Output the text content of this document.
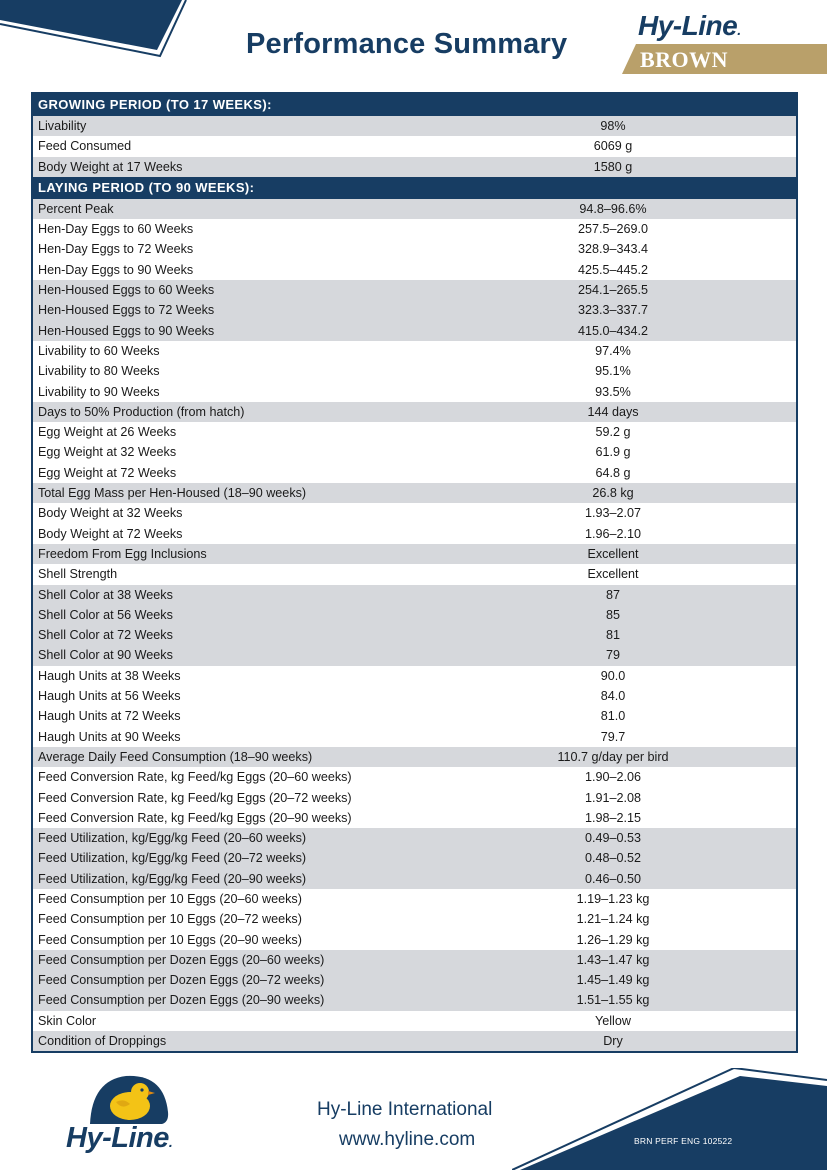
Performance Summary
Hy-Line.
BROWN
GROWING PERIOD (TO 17 WEEKS):
Livability	98%
Feed Consumed	6069 g
Body Weight at 17 Weeks	1580 g
LAYING PERIOD (TO 90 WEEKS):
Percent Peak	94.8–96.6%
Hen-Day Eggs to 60 Weeks	257.5–269.0
Hen-Day Eggs to 72 Weeks	328.9–343.4
Hen-Day Eggs to 90 Weeks	425.5–445.2
Hen-Housed Eggs to 60 Weeks	254.1–265.5
Hen-Housed Eggs to 72 Weeks	323.3–337.7
Hen-Housed Eggs to 90 Weeks	415.0–434.2
Livability to 60 Weeks	97.4%
Livability to 80 Weeks	95.1%
Livability to 90 Weeks	93.5%
Days to 50% Production (from hatch)	144 days
Egg Weight at 26 Weeks	59.2 g
Egg Weight at 32 Weeks	61.9 g
Egg Weight at 72 Weeks	64.8 g
Total Egg Mass per Hen-Housed (18–90 weeks)	26.8 kg
Body Weight at 32 Weeks	1.93–2.07
Body Weight at 72 Weeks	1.96–2.10
Freedom From Egg Inclusions	Excellent
Shell Strength	Excellent
Shell Color at 38 Weeks	87
Shell Color at 56 Weeks	85
Shell Color at 72 Weeks	81
Shell Color at 90 Weeks	79
Haugh Units at 38 Weeks	90.0
Haugh Units at 56 Weeks	84.0
Haugh Units at 72 Weeks	81.0
Haugh Units at 90 Weeks	79.7
Average Daily Feed Consumption (18–90 weeks)	110.7 g/day per bird
Feed Conversion Rate, kg Feed/kg Eggs (20–60 weeks)	1.90–2.06
Feed Conversion Rate, kg Feed/kg Eggs (20–72 weeks)	1.91–2.08
Feed Conversion Rate, kg Feed/kg Eggs (20–90 weeks)	1.98–2.15
Feed Utilization, kg/Egg/kg Feed (20–60 weeks)	0.49–0.53
Feed Utilization, kg/Egg/kg Feed (20–72 weeks)	0.48–0.52
Feed Utilization, kg/Egg/kg Feed (20–90 weeks)	0.46–0.50
Feed Consumption per 10 Eggs (20–60 weeks)	1.19–1.23 kg
Feed Consumption per 10 Eggs (20–72 weeks)	1.21–1.24 kg
Feed Consumption per 10 Eggs (20–90 weeks)	1.26–1.29 kg
Feed Consumption per Dozen Eggs (20–60 weeks)	1.43–1.47 kg
Feed Consumption per Dozen Eggs (20–72 weeks)	1.45–1.49 kg
Feed Consumption per Dozen Eggs (20–90 weeks)	1.51–1.55 kg
Skin Color	Yellow
Condition of Droppings	Dry
Hy-Line.
Hy-Line International
www.hyline.com	BRN PERF ENG 102522
